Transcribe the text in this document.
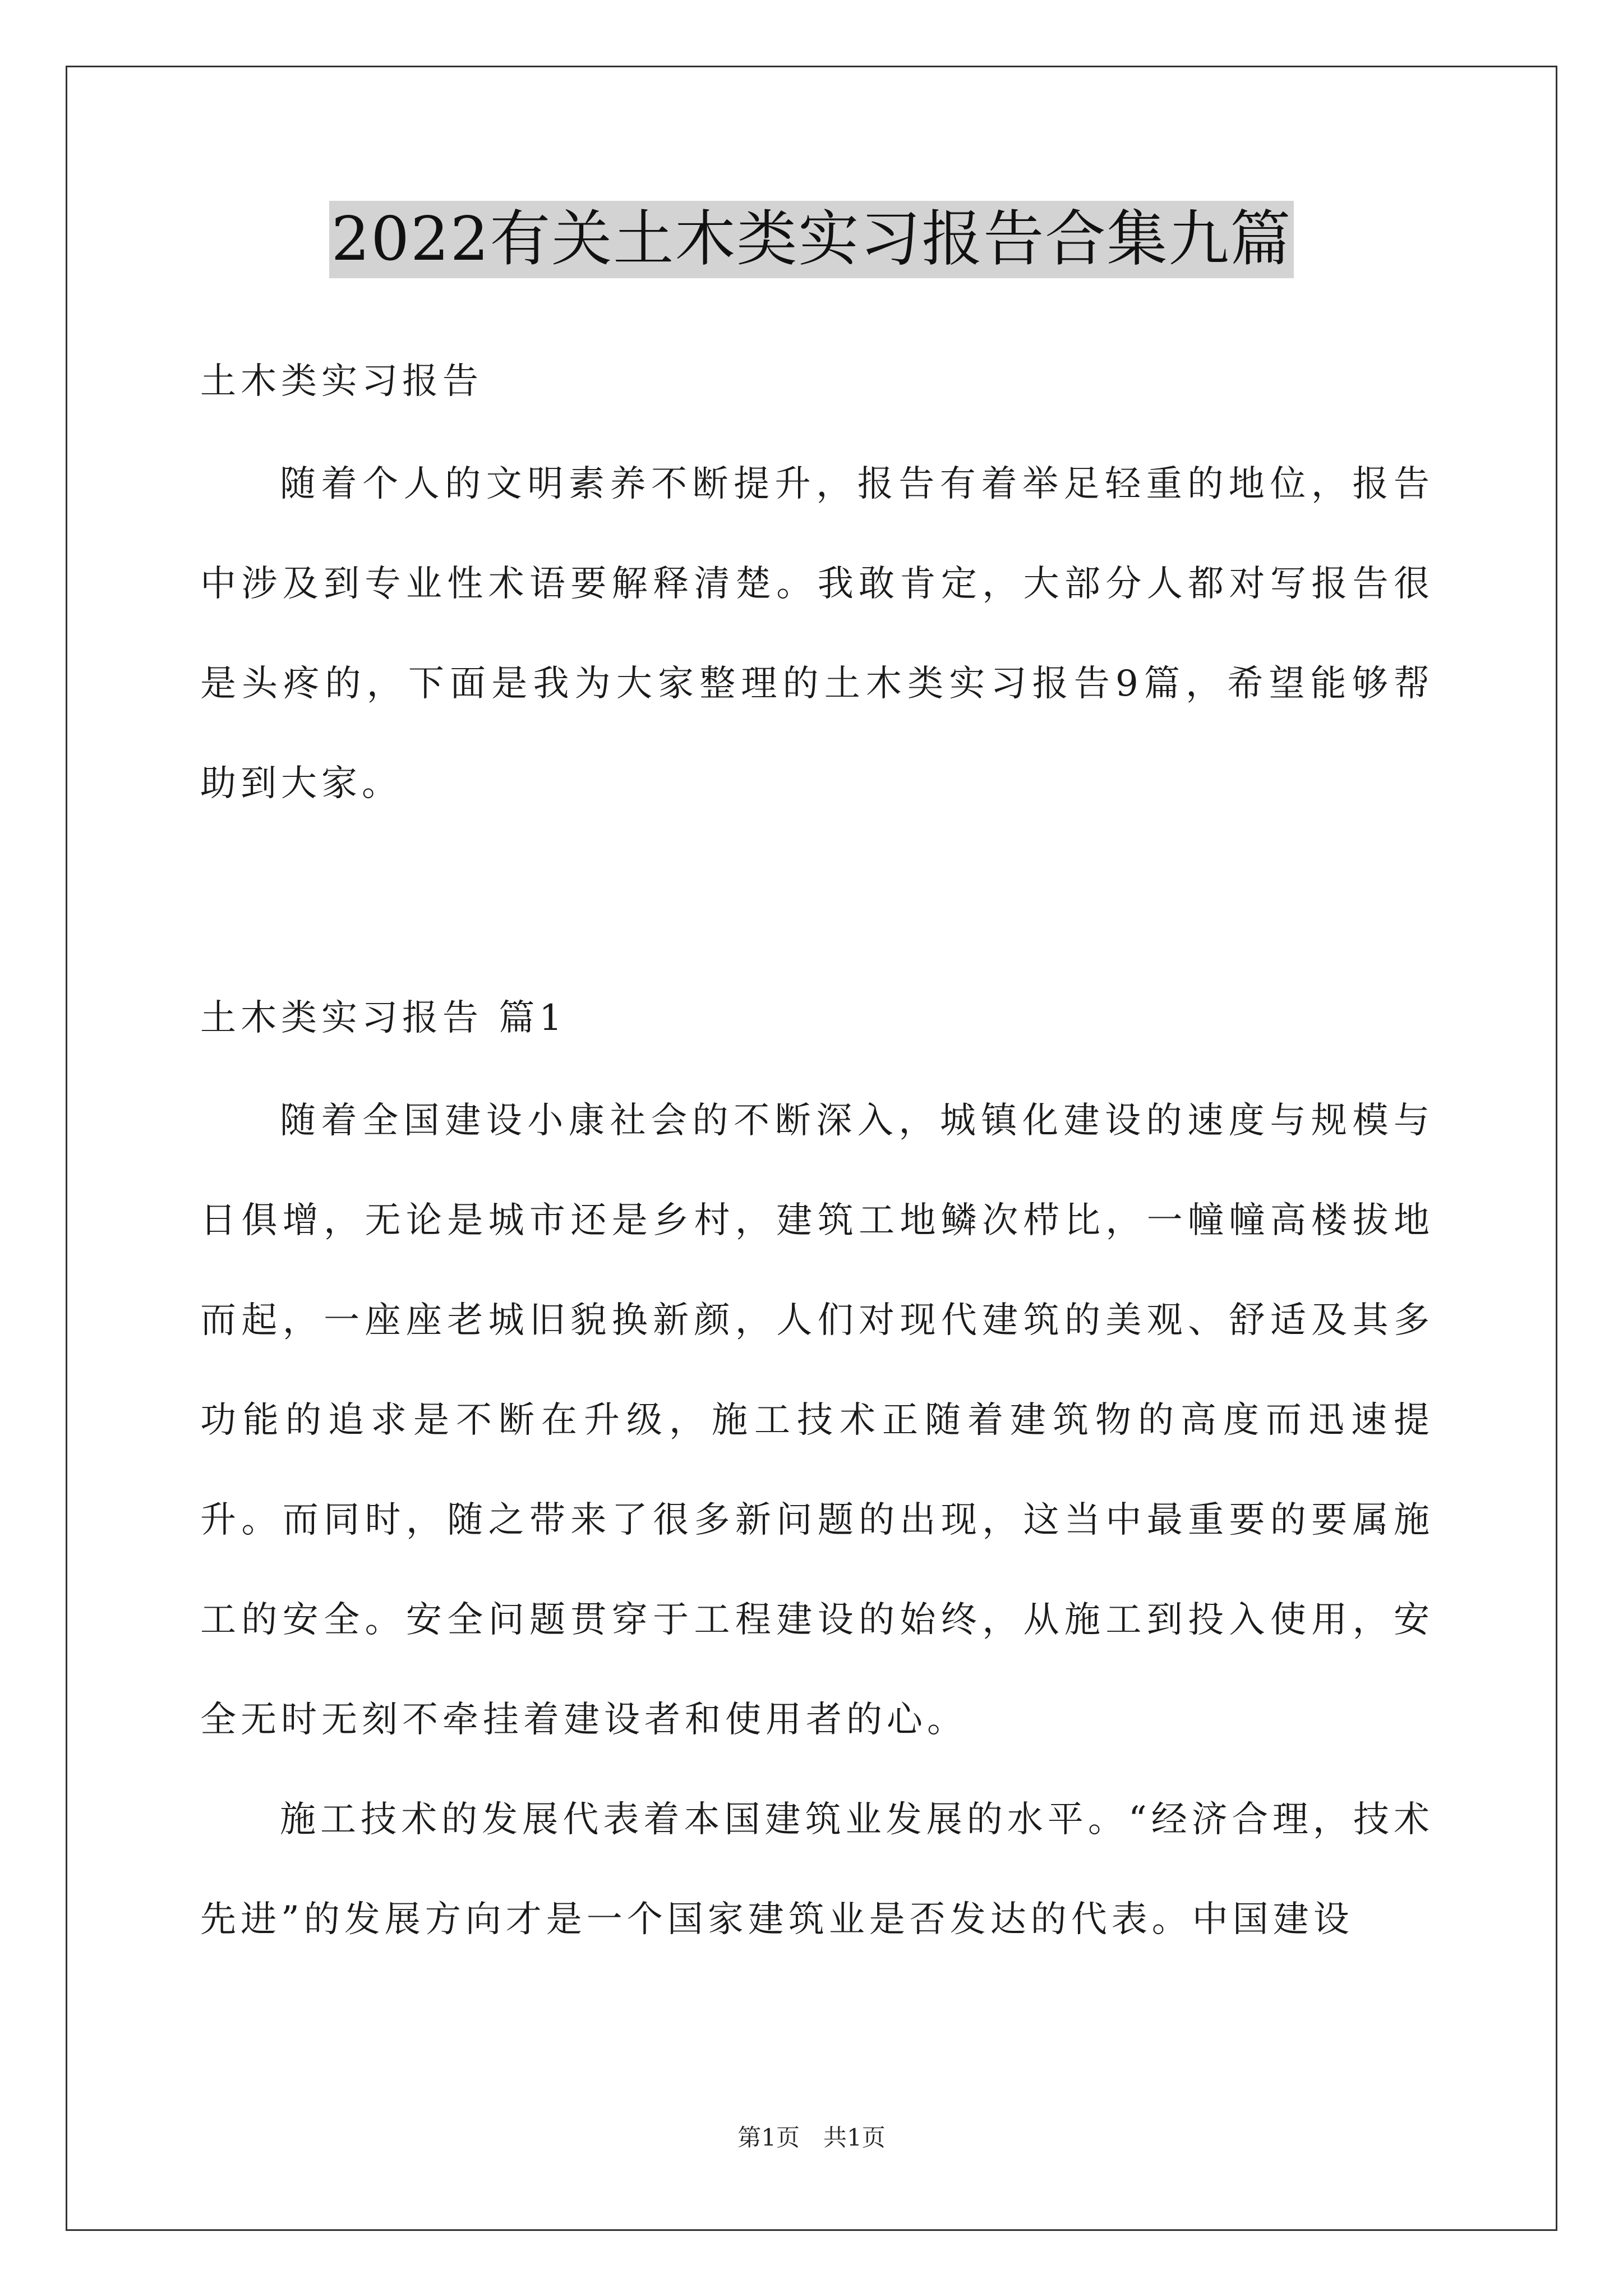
2022有关土木类实习报告合集九篇
土木类实习报告

随着个人的文明素养不断提升，报告有着举足轻重的地位，报告中涉及到专业性术语要解释清楚。我敢肯定，大部分人都对写报告很是头疼的，下面是我为大家整理的土木类实习报告9篇，希望能够帮助到大家。

土木类实习报告 篇1

随着全国建设小康社会的不断深入，城镇化建设的速度与规模与日俱增，无论是城市还是乡村，建筑工地鳞次栉比，一幢幢高楼拔地而起，一座座老城旧貌换新颜，人们对现代建筑的美观、舒适及其多功能的追求是不断在升级，施工技术正随着建筑物的高度而迅速提升。而同时，随之带来了很多新问题的出现，这当中最重要的要属施工的安全。安全问题贯穿于工程建设的始终，从施工到投入使用，安全无时无刻不牵挂着建设者和使用者的心。

施工技术的发展代表着本国建筑业发展的水平。“经济合理，技术先进”的发展方向才是一个国家建筑业是否发达的代表。中国建设

第1页　共1页
